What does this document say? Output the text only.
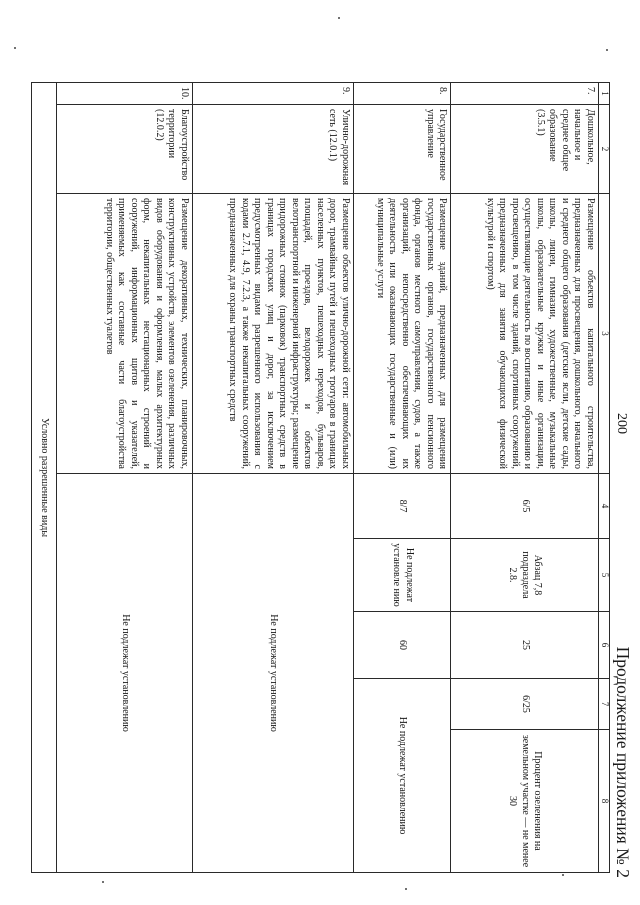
200
Продолжение приложения № 2
1	2	3	4	5	6	7	8
7.	Дошкольное, начальное и среднее общее образование (3.5.1)	Размещение объектов капитального строительства, предназначенных для просвещения, дошкольного, начального и среднего общего образования (детские ясли, детские сады, школы, лицеи, гимназии, художественные, музыкальные школы, образовательные кружки и иные организации, осуществляющие деятельность по воспитанию, образованию и просвещению, в том числе зданий, спортивных сооружений, предназначенных для занятия обучающихся физической культурой и спортом)	6/5	Абзац 7,8 подраздела 2.8.	25	6/25	Процент озеленения на земельном участке — не менее 30
8.	Государственное управление	Размещение зданий, предназначенных для размещения государственных органов, государственного пенсионного фонда, органов местного самоуправления, судов, а также организаций, непосредственно обеспечивающих их деятельность или оказывающих государственные и (или) муниципальные услуги	8/7	Не подлежат установле нию	60	Не подлежат установлению	
9.	Улично-дорожная сеть (12.0.1)	Размещение объектов улично-дорожной сети: автомобильных дорог, трамвайных путей и пешеходных тротуаров в границах населенных пунктов, пешеходных переходов, бульваров, площадей, проездов, велодорожек и объектов велотранспортной и инженерной инфраструктуры; размещение придорожных стоянок (парковок) транспортных средств в границах городских улиц и дорог, за исключением предусмотренных видами разрешенного использования с кодами 2.7.1, 4.9, 7.2.3, а также некапитальных сооружений, предназначенных для охраны транспортных средств	Не подлежат установлению				
10.	Благоустройство территории (12.0.2)	Размещение декоративных, технических, планировочных, конструктивных устройств, элементов озеленения, различных видов оборудования и оформления, малых архитектурных форм, некапитальных нестационарных строений и сооружений, информационных щитов и указателей, применяемых как составные части благоустройства территории, общественных туалетов	Не подлежат установлению				
Условно разрешенные виды							
